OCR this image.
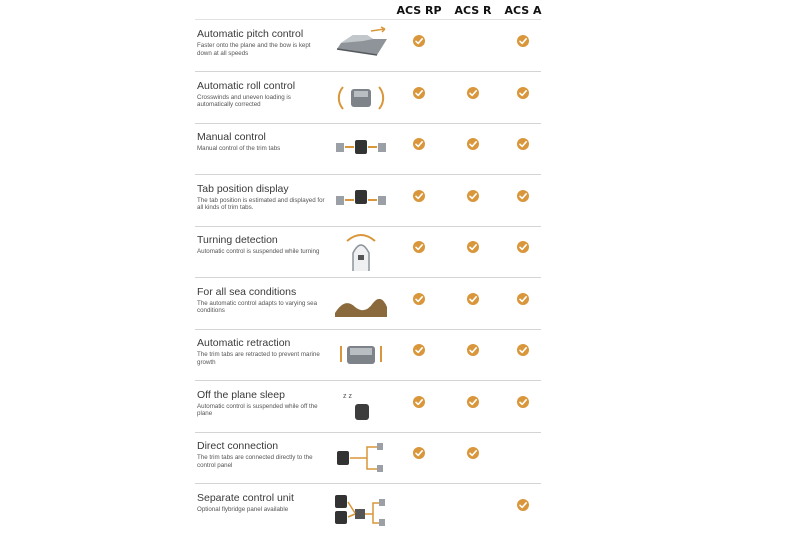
ACS RP ACS R ACS A
Automatic pitch control
Faster onto the plane and the bow is kept down at all speeds
Automatic roll control
Crosswinds and uneven loading is automatically corrected
Manual control
Manual control of the trim tabs
Tab position display
The tab position is estimated and displayed for all kinds of trim tabs.
Turning detection
Automatic control is suspended while turning
For all sea conditions
The automatic control adapts to varying sea conditions
Automatic retraction
The trim tabs are retracted to prevent marine growth
Off the plane sleep
Automatic control is suspended while off the plane
z z
Direct connection
The trim tabs are connected directly to the control panel
Separate control unit
Optional flybridge panel available
